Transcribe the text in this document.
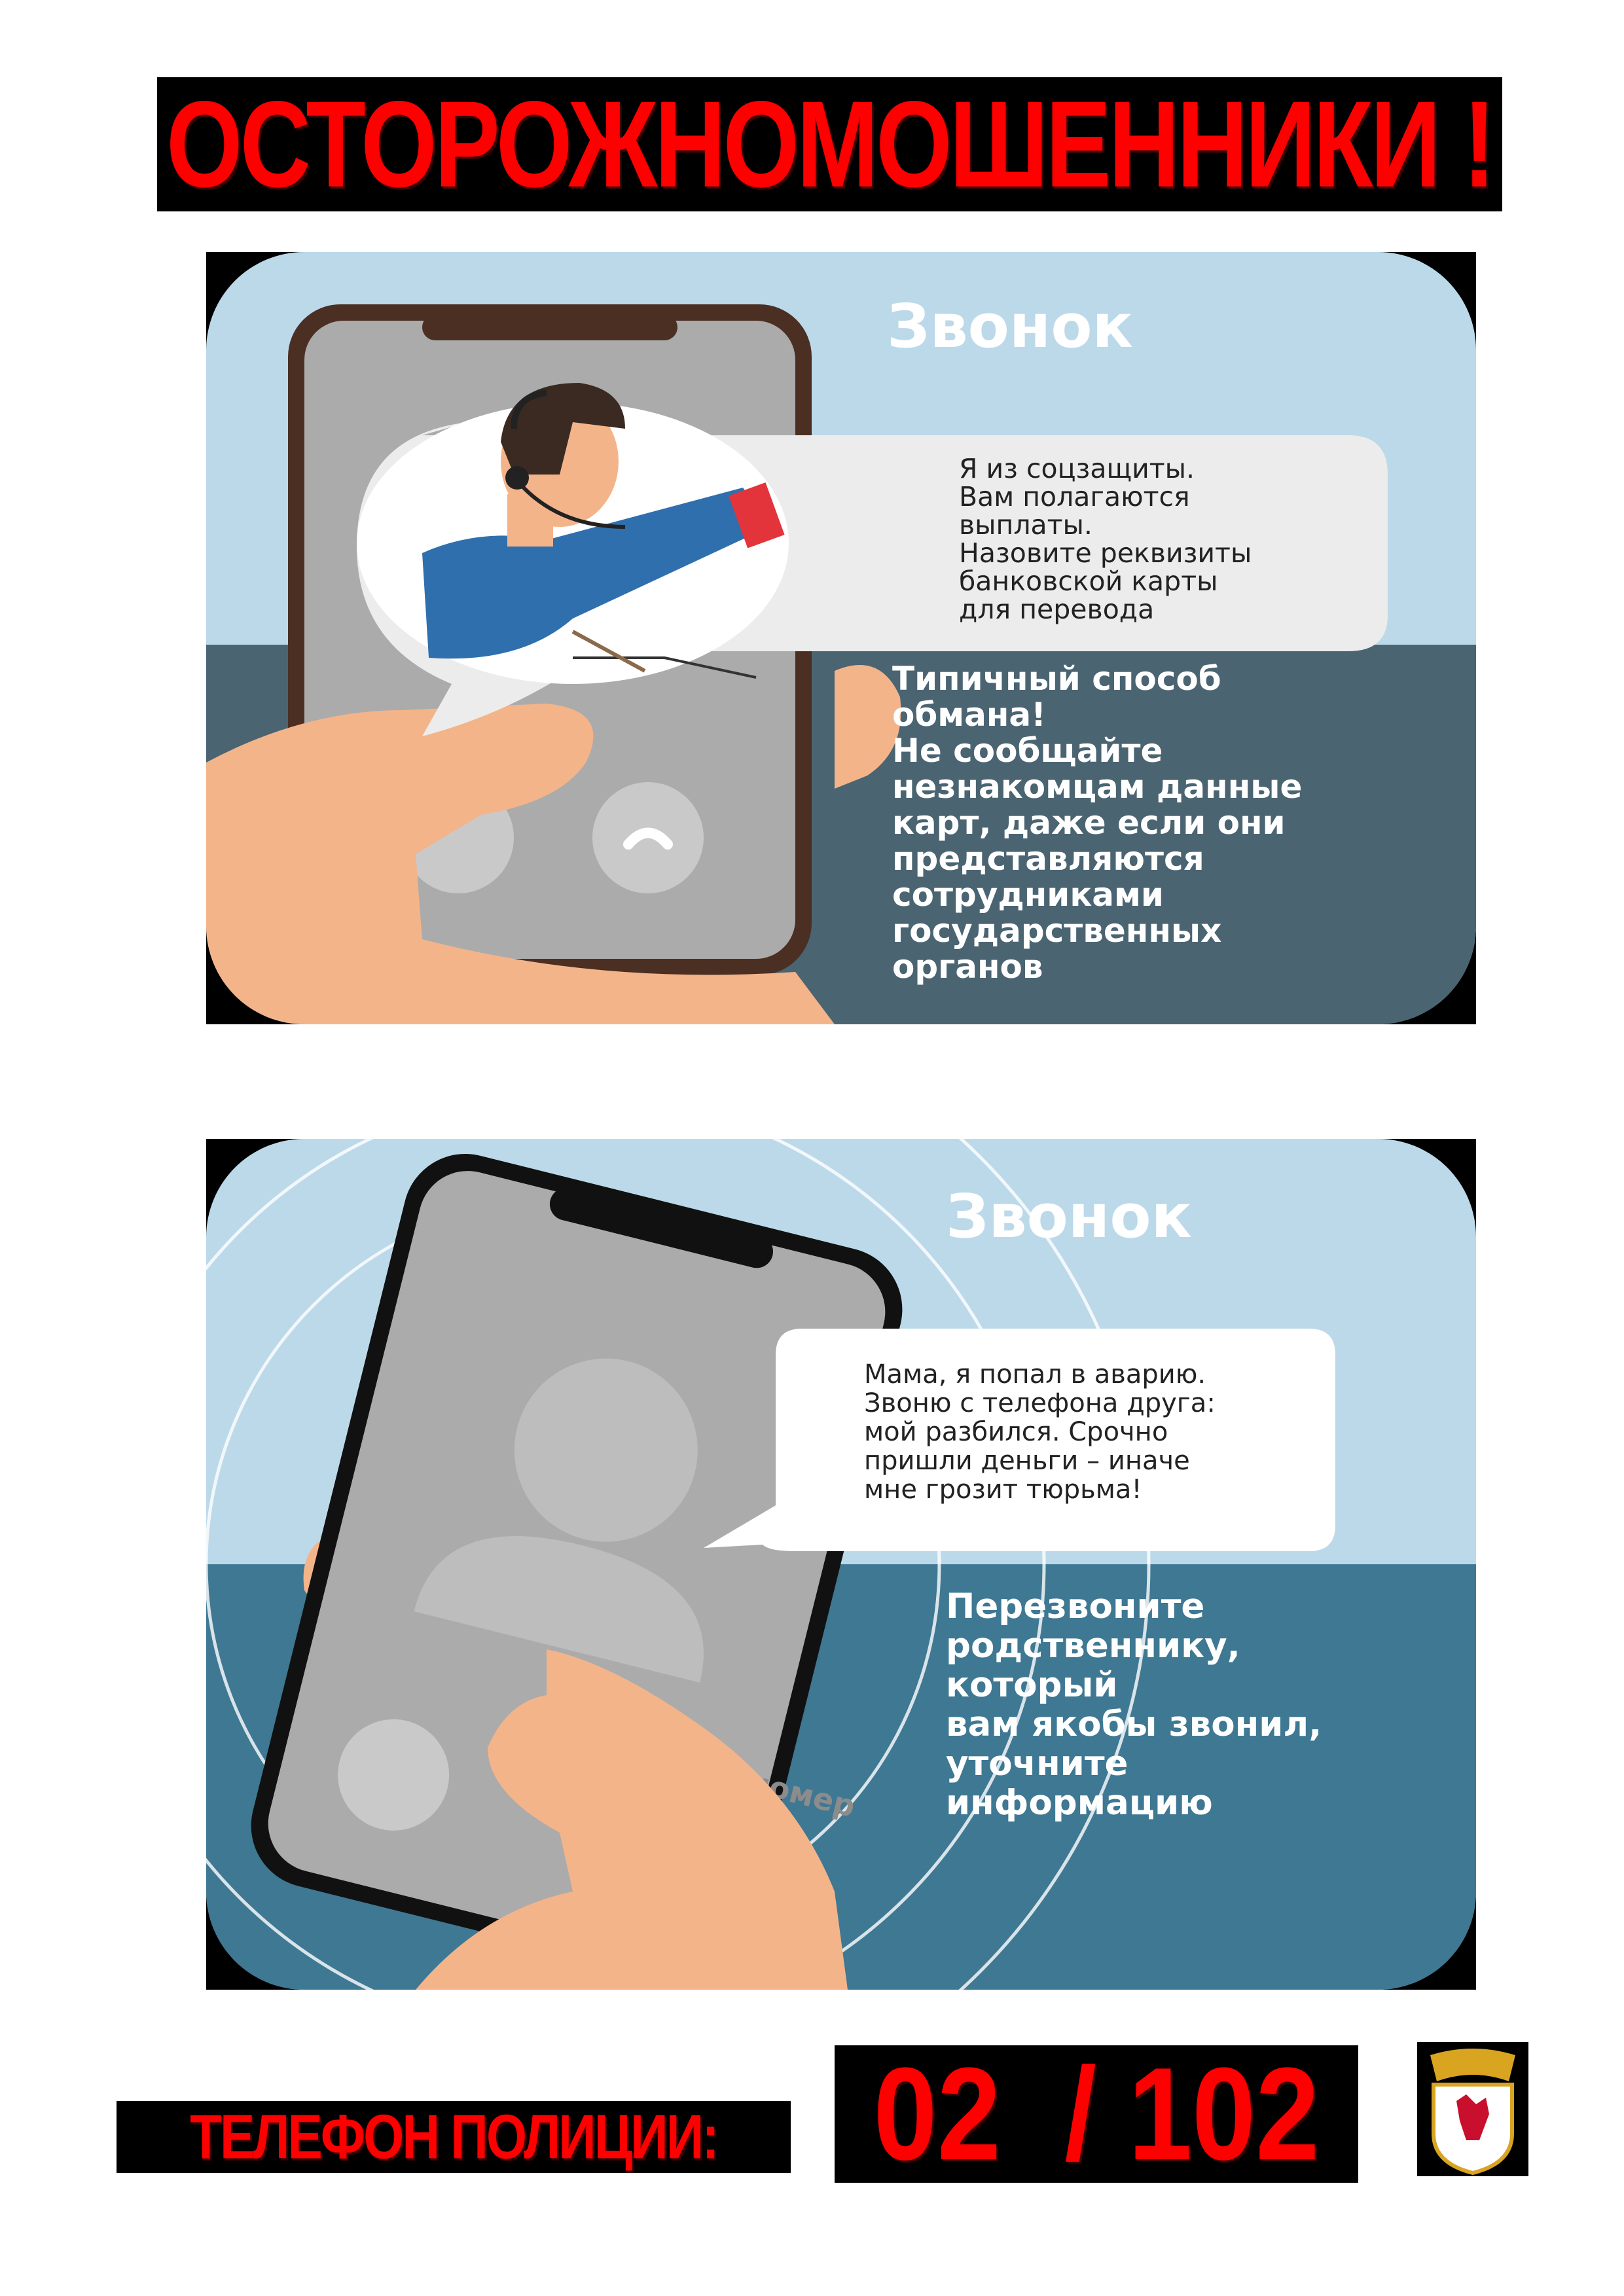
ОСТОРОЖНОМОШЕННИКИ !
Звонок
Я из соцзащиты.
Вам полагаются
выплаты.
Назовите реквизиты
банковской карты
для перевода
Типичный способ
обмана!
Не сообщайте
незнакомцам данные
карт, даже если они
представляются
сотрудниками
государственных
органов
номер
Звонок
Мама, я попал в аварию.
Звоню с телефона друга:
мой разбился. Срочно
пришли деньги – иначе
мне грозит тюрьма!
Перезвоните
родственнику,
который
вам якобы звонил,
уточните
информацию
ТЕЛЕФОН ПОЛИЦИИ:	02  / 102
